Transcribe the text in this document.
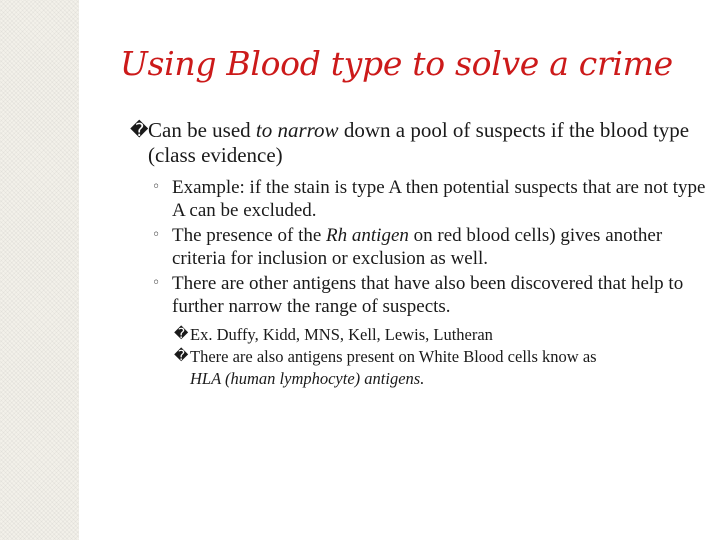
Using Blood type to solve a crime

� Can be used to narrow down a pool of suspects if the blood type (class evidence)

◦ Example: if the stain is type A then potential suspects that are not type A can be excluded.

◦ The presence of the Rh antigen on red blood cells) gives another criteria for inclusion or exclusion as well.

◦ There are other antigens that have also been discovered that help to further narrow the range of suspects.

� Ex. Duffy, Kidd, MNS, Kell, Lewis, Lutheran

� There are also antigens present on White Blood cells know as

HLA (human lymphocyte) antigens.
